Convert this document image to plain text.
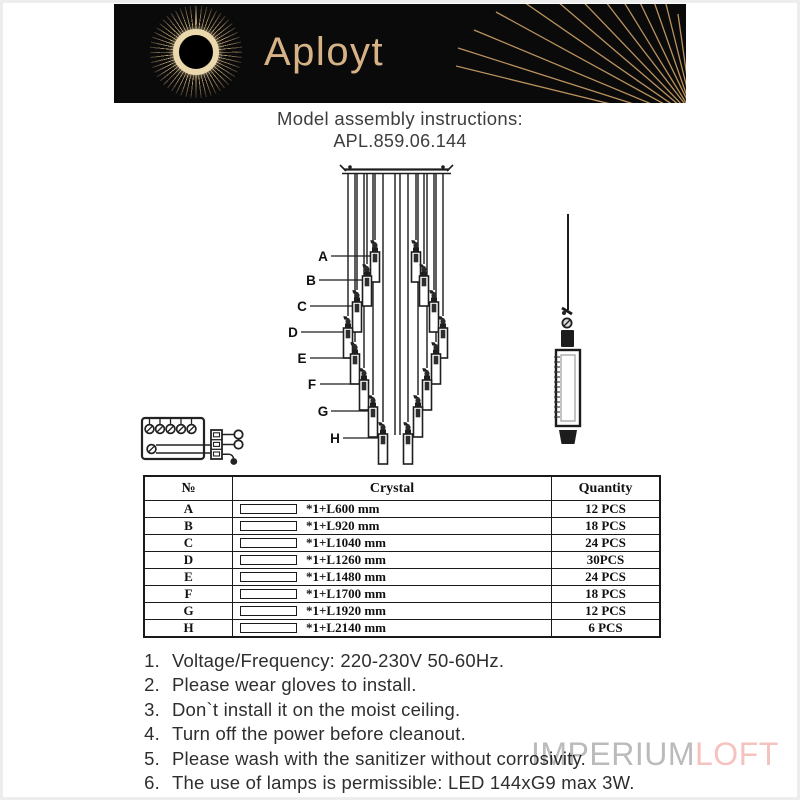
Aployt
Model assembly instructions:
APL.859.06.144
A
B
C
D
E
F
G
H
№	Crystal	Quantity
A	*1+L600 mm	12 PCS
B	*1+L920 mm	18 PCS
C	*1+L1040 mm	24 PCS
D	*1+L1260 mm	30PCS
E	*1+L1480 mm	24 PCS
F	*1+L1700 mm	18 PCS
G	*1+L1920 mm	12 PCS
H	*1+L2140 mm	6 PCS
1. Voltage/Frequency: 220-230V 50-60Hz.
2. Please wear gloves to install.
3. Don`t install it on the moist ceiling.
4. Turn off the power before cleanout.
5. Please wash with the sanitizer without corrosivity.
6. The use of lamps is permissible: LED 144xG9 max 3W.
IMPERIUMLOFT
